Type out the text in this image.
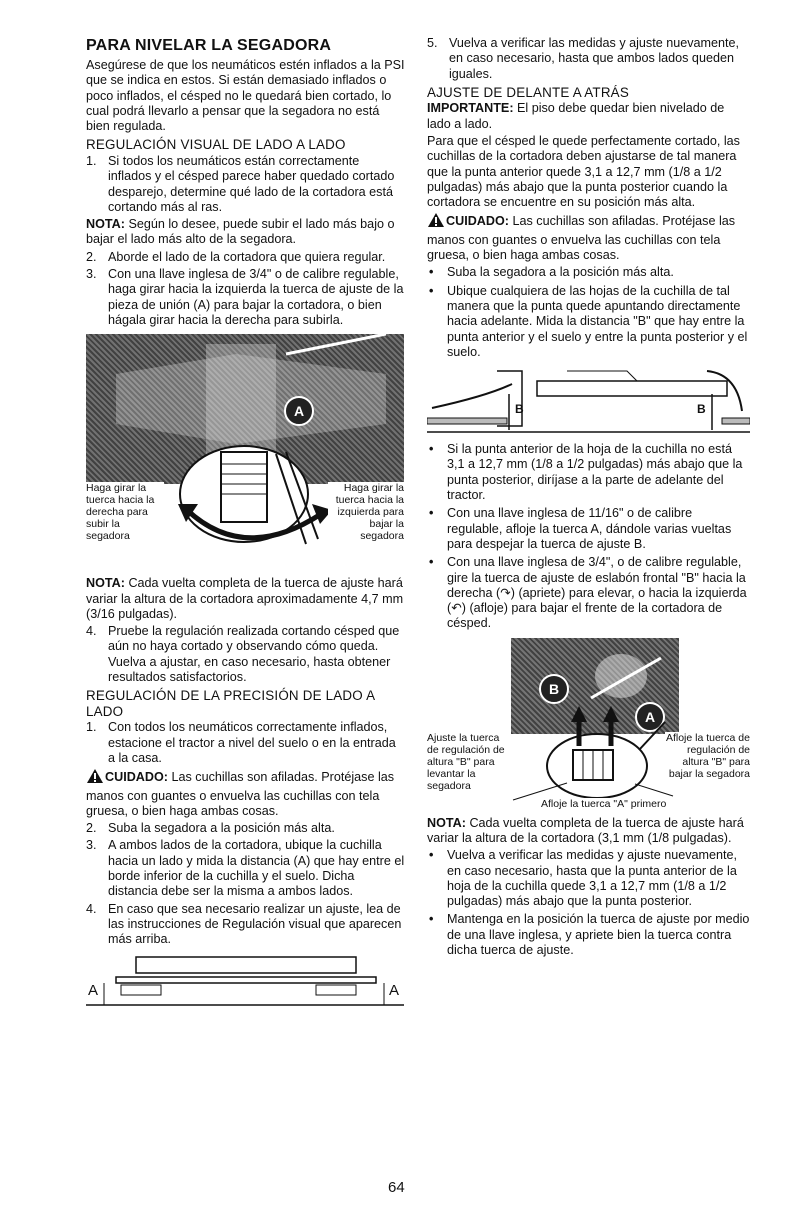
PARA NIVELAR LA SEGADORA

Asegúrese de que los neumáticos estén inflados a la PSI que se indica en estos. Si están demasiado inflados o poco inflados, el césped no le quedará bien cortado, lo cual podrá llevarlo a pensar que la segadora no está bien regulada.

REGULACIÓN VISUAL DE LADO A LADO
1. Si todos los neumáticos están correctamente inflados y el césped parece haber quedado cortado desparejo, determine qué lado de la cortadora está cortando más al ras.

NOTA: Según lo desee, puede subir el lado más bajo o bajar el lado más alto de la segadora.

2. Aborde el lado de la cortadora que quiera regular.
3. Con una llave inglesa de 3/4" o de calibre regulable, haga girar hacia la izquierda la tuerca de ajuste de la pieza de unión (A) para bajar la cortadora, o bien hágala girar hacia la derecha para subirla.
A
Haga girar la tuerca hacia la derecha para subir la segadora
Haga girar la tuerca hacia la izquierda para bajar la segadora

NOTA: Cada vuelta completa de la tuerca de ajuste hará variar la altura de la cortadora aproximadamente 4,7 mm (3/16 pulgadas).

4. Pruebe la regulación realizada cortando césped que aún no haya cortado y observando cómo queda. Vuelva a ajustar, en caso necesario, hasta obtener resultados satisfactorios.
REGULACIÓN DE LA PRECISIÓN DE LADO A LADO
1. Con todos los neumáticos correctamente inflados, estacione el tractor a nivel del suelo o en la entrada a la casa.

CUIDADO: Las cuchillas son afiladas. Protéjase las manos con guantes o envuelva las cuchillas con tela gruesa, o bien haga ambas cosas.

2. Suba la segadora a la posición más alta.
3. A ambos lados de la cortadora, ubique la cuchilla hacia un lado y mida la distancia (A) que hay entre el borde inferior de la cuchilla y el suelo. Dicha distancia debe ser la misma a ambos lados.
4. En caso que sea necesario realizar un ajuste, lea de las instrucciones de Regulación visual que aparecen más arriba.
A	A
5. Vuelva a verificar las medidas y ajuste nuevamente, en caso necesario, hasta que ambos lados queden iguales.
AJUSTE DE DELANTE A ATRÁS

IMPORTANTE: El piso debe quedar bien nivelado de lado a lado.

Para que el césped le quede perfectamente cortado, las cuchillas de la cortadora deben ajustarse de tal manera que la punta anterior quede 3,1 a 12,7 mm (1/8 a 1/2 pulgadas) más abajo que la punta posterior cuando la cortadora se encuentre en su posición más alta.

CUIDADO: Las cuchillas son afiladas. Protéjase las manos con guantes o envuelva las cuchillas con tela gruesa, o bien haga ambas cosas.

• Suba la segadora a la posición más alta.
• Ubique cualquiera de las hojas de la cuchilla de tal manera que la punta quede apuntando directamente hacia adelante. Mida la distancia "B" que hay entre la punta anterior y el suelo y entre la punta posterior y el suelo.
B	B
• Si la punta anterior de la hoja de la cuchilla no está 3,1 a 12,7 mm (1/8 a 1/2 pulgadas) más abajo que la punta posterior, diríjase a la parte de adelante del tractor.
• Con una llave inglesa de 11/16" o de calibre regulable, afloje la tuerca A, dándole varias vueltas para despejar la tuerca de ajuste B.
• Con una llave inglesa de 3/4", o de calibre regulable, gire la tuerca de ajuste de eslabón frontal "B" hacia la derecha (↷) (apriete) para elevar, o hacia la izquierda (↶) (afloje) para bajar el frente de la cortadora de césped.
B
A
Ajuste la tuerca de regulación de altura "B" para levantar la segadora
Afloje la tuerca de regulación de altura "B" para bajar la segadora
Afloje la tuerca "A" primero

NOTA: Cada vuelta completa de la tuerca de ajuste hará variar la altura de la cortadora (3,1 mm (1/8 pulgadas).

• Vuelva a verificar las medidas y ajuste nuevamente, en caso necesario, hasta que la punta anterior de la hoja de la cuchilla quede 3,1 a 12,7 mm (1/8 a 1/2 pulgadas) más abajo que la punta posterior.
• Mantenga en la posición la tuerca de ajuste por medio de una llave inglesa, y apriete bien la tuerca contra dicha tuerca de ajuste.
64
